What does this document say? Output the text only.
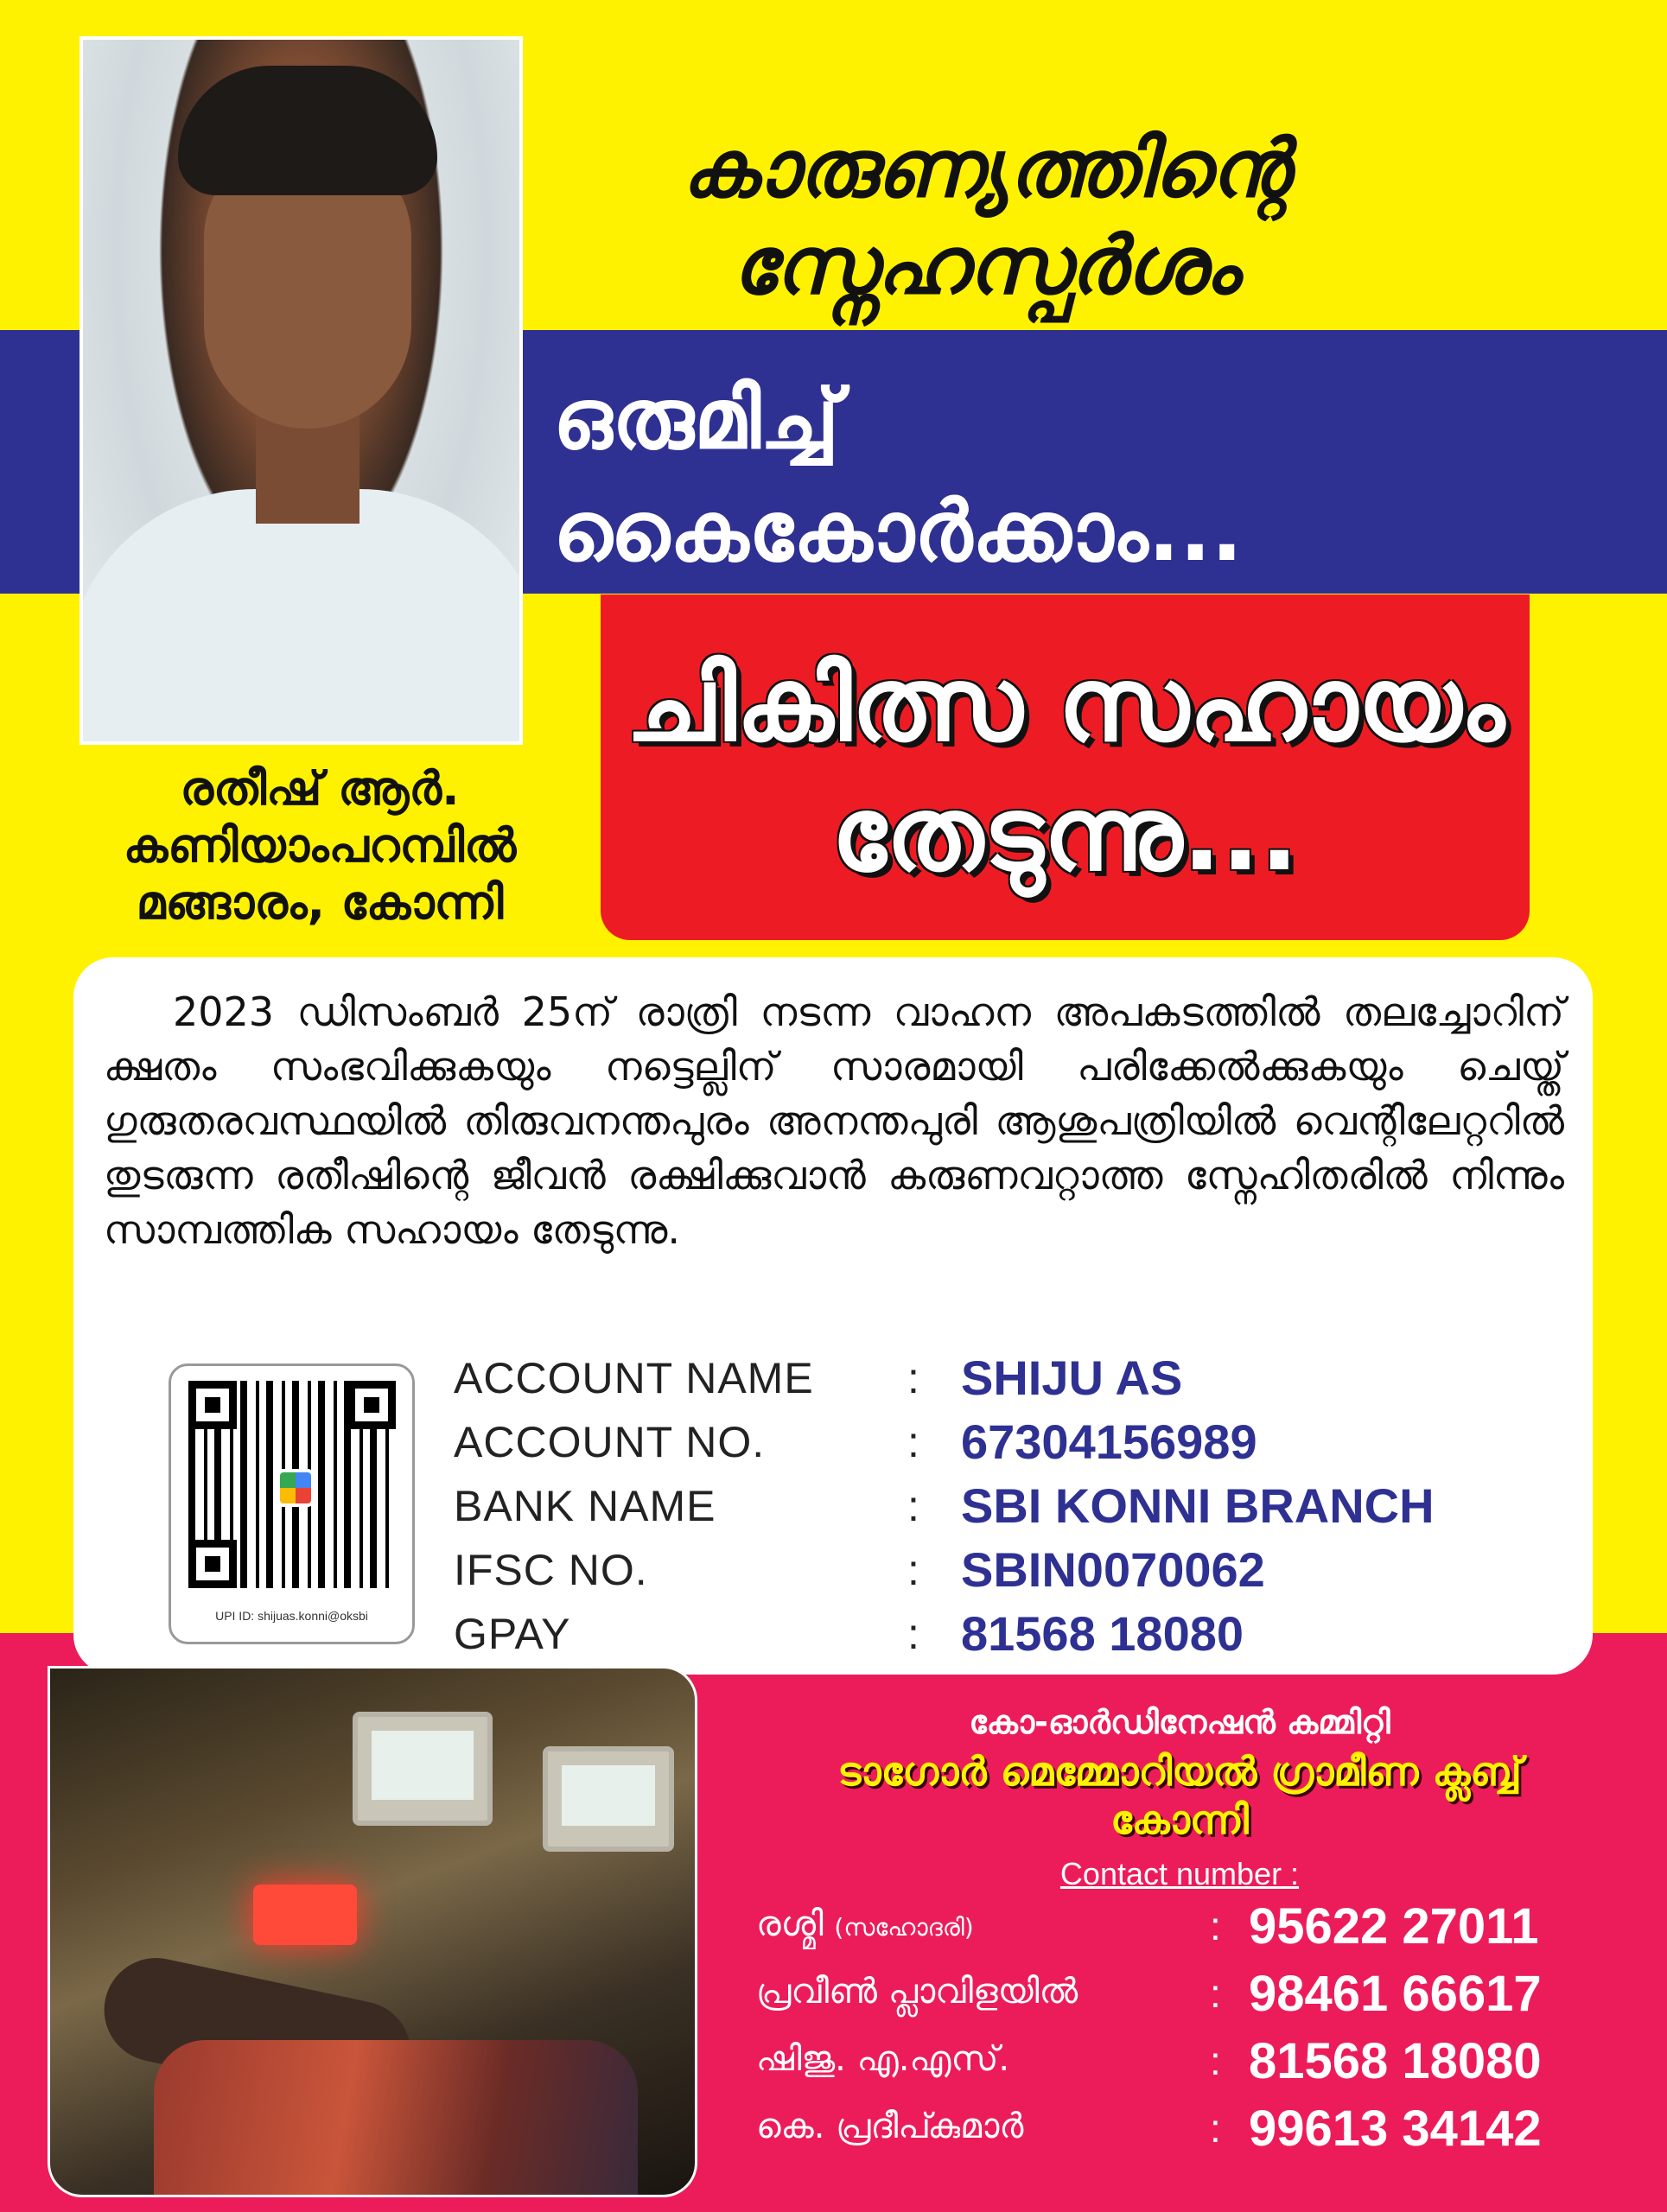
കാരുണ്യത്തിന്റെ
സ്നേഹസ്പർശം
ഒരുമിച്ച്
കൈകോർക്കാം...
ചികിത്സ സഹായം
തേടുന്നു...
രതീഷ് ആർ.
കണിയാംപറമ്പിൽ
മങ്ങാരം, കോന്നി
2023 ഡിസംബർ 25ന് രാത്രി നടന്ന വാഹന അപകടത്തിൽ തലച്ചോറിന് ക്ഷതം സംഭവിക്കുകയും നട്ടെല്ലിന് സാരമായി പരിക്കേൽക്കുകയും ചെയ്ത് ഗുരുതരവസ്ഥയിൽ തിരുവനന്തപുരം അനന്തപുരി ആശുപത്രിയിൽ വെന്റിലേറ്ററിൽ തുടരുന്ന രതീഷിന്റെ ജീവൻ രക്ഷിക്കുവാൻ കരുണവറ്റാത്ത സ്നേഹിതരിൽ നിന്നും സാമ്പത്തിക സഹായം തേടുന്നു.
UPI ID: shijuas.konni@oksbi
ACCOUNT NAME : SHIJU AS
ACCOUNT NO.	: 67304156989
BANK NAME	: SBI KONNI BRANCH
IFSC NO.	: SBIN0070062
GPAY	: 81568 18080
കോ-ഓർഡിനേഷൻ കമ്മിറ്റി
ടാഗോർ മെമ്മോറിയൽ ഗ്രാമീണ ക്ലബ്ബ്
കോന്നി
Contact number :
രശ്മി (സഹോദരി)	: 95622 27011
പ്രവീൺ പ്ലാവിളയിൽ	: 98461 66617
ഷിജു. എ.എസ്.	: 81568 18080
കെ. പ്രദീപ്കുമാർ	: 99613 34142
